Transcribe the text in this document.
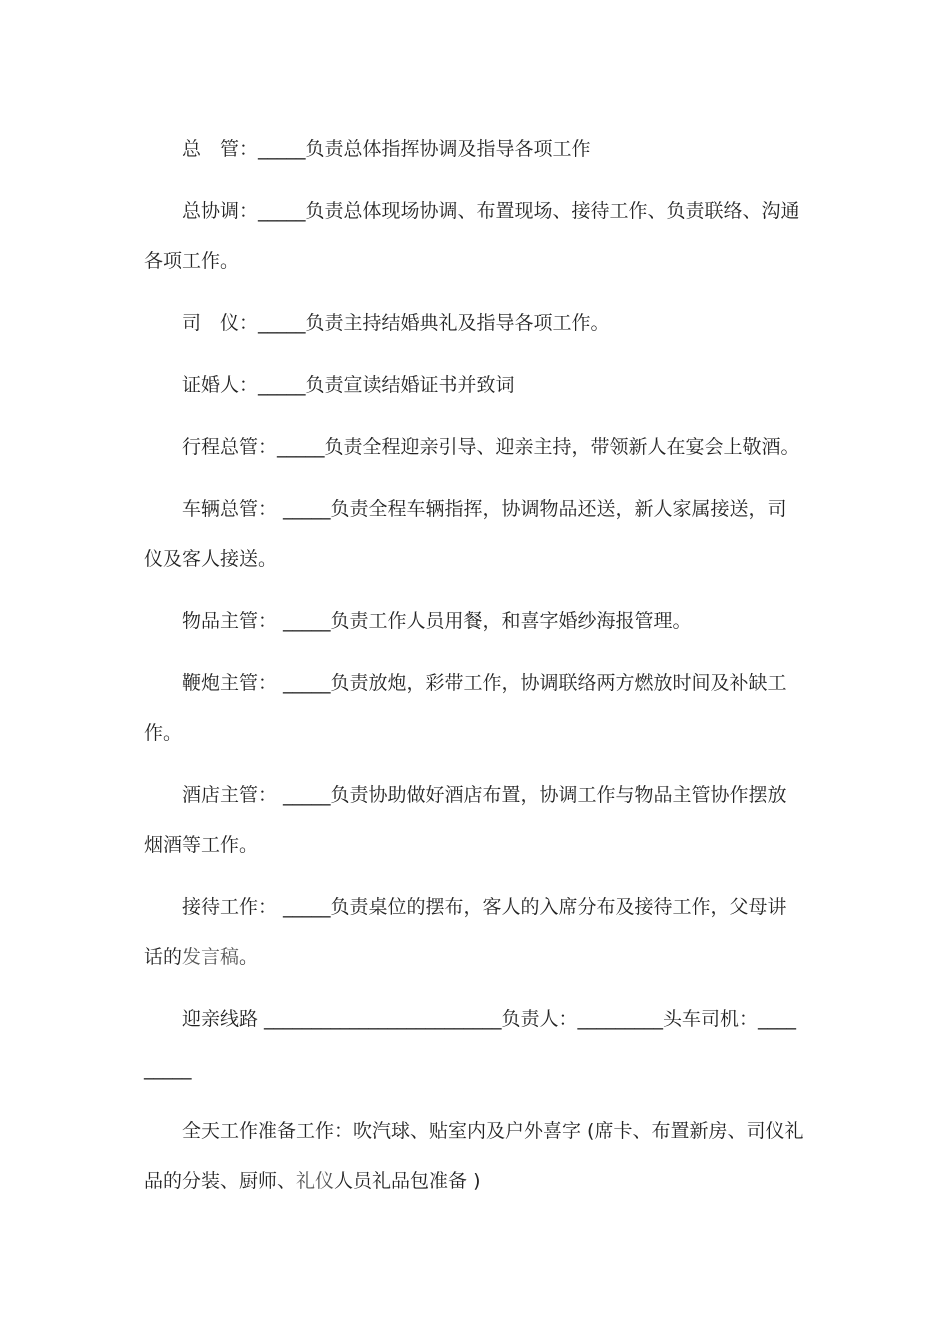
总　管：_____负责总体指挥协调及指导各项工作

总协调：_____负责总体现场协调、布置现场、接待工作、负责联络、沟通各项工作。

司　仪：_____负责主持结婚典礼及指导各项工作。

证婚人：_____负责宣读结婚证书并致词

行程总管：_____负责全程迎亲引导、迎亲主持，带领新人在宴会上敬酒。

车辆总管： _____负责全程车辆指挥，协调物品还送，新人家属接送，司仪及客人接送。

物品主管： _____负责工作人员用餐，和喜字婚纱海报管理。

鞭炮主管： _____负责放炮，彩带工作，协调联络两方燃放时间及补缺工作。

酒店主管： _____负责协助做好酒店布置，协调工作与物品主管协作摆放烟酒等工作。

接待工作： _____负责桌位的摆布，客人的入席分布及接待工作，父母讲话的发言稿。

迎亲线路 _________________________负责人：_________头车司机：_________

全天工作准备工作：吹汽球、贴室内及户外喜字 (席卡、布置新房、司仪礼品的分装、厨师、礼仪人员礼品包准备 )
